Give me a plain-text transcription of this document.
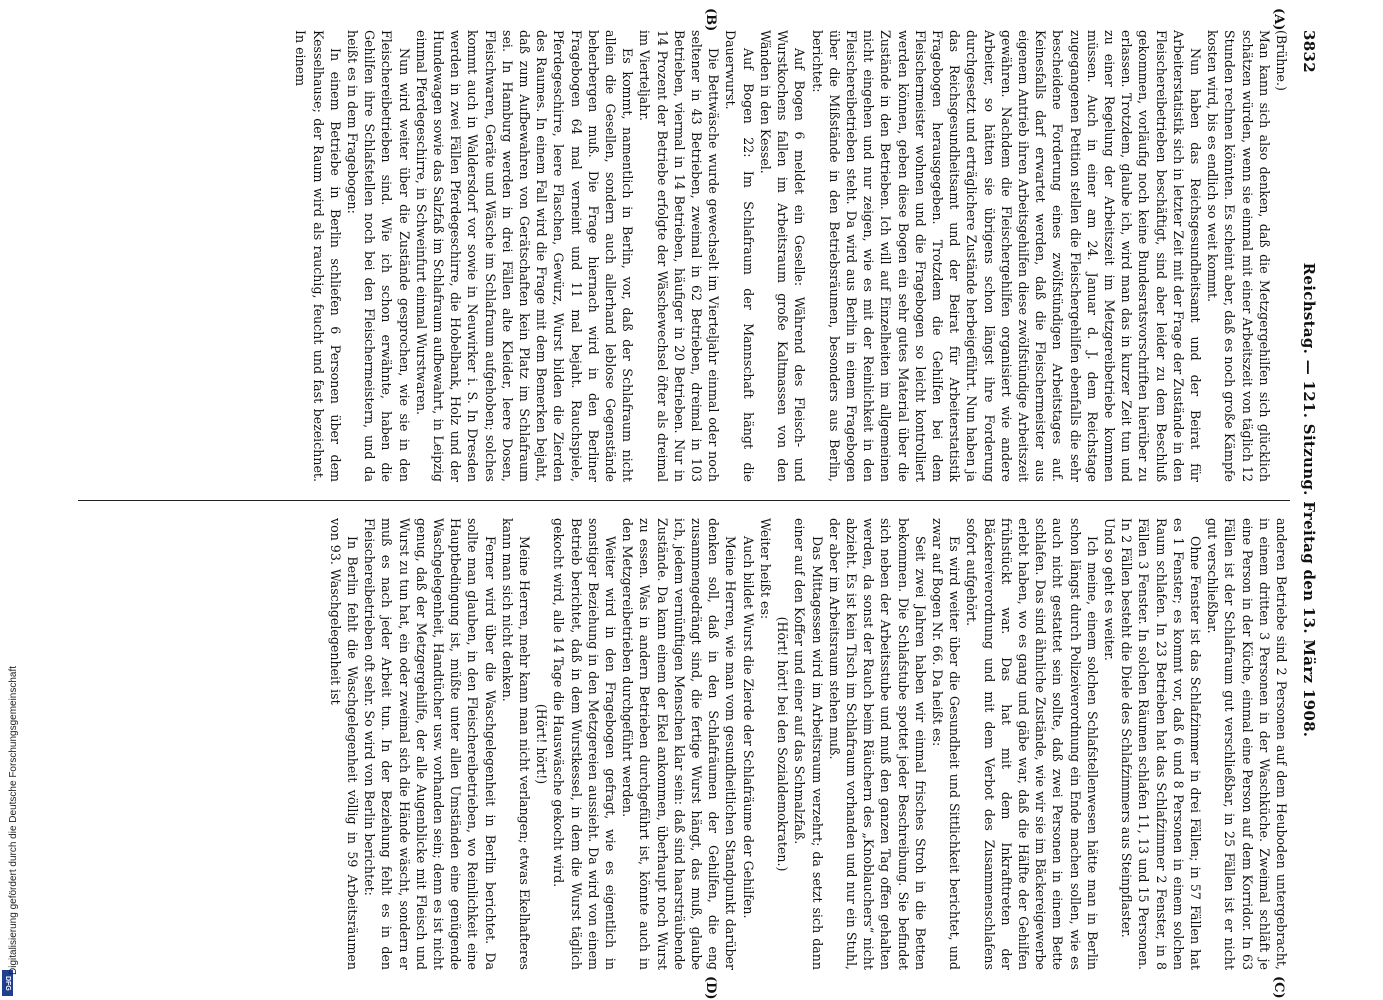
3832
Reichstag. — 121. Sitzung. Freitag den 13. März 1908.
(A)
(B)
(C)
(D)

(Brühne.)

Man kann sich also denken, daß die Metzgergehilfen sich glücklich schätzen würden, wenn sie einmal mit einer Arbeitszeit von täglich 12 Stunden rechnen könnten. Es scheint aber, daß es noch große Kämpfe kosten wird, bis es endlich so weit kommt.

Nun haben das Reichsgesundheitsamt und der Beirat für Arbeiterstatistik sich in letzter Zeit mit der Frage der Zustände in den Fleischereibetrieben beschäftigt, sind aber leider zu dem Beschluß gekommen, vorläufig noch keine Bundesratsvorschriften hierüber zu erlassen. Trotzdem, glaube ich, wird man das in kurzer Zeit tun und zu einer Regelung der Arbeitszeit im Metzgereibetriebe kommen müssen. Auch in einer am 24. Januar d. J. dem Reichstage zugegangenen Petition stellen die Fleischergehilfen ebenfalls die sehr bescheidene Forderung eines zwölfstündigen Arbeitstages auf. Keinesfalls darf erwartet werden, daß die Fleischermeister aus eigenem Antrieb ihren Arbeitsgehilfen diese zwölfstündige Arbeitszeit gewähren. Nachdem die Fleischergehilfen organisiert wie andere Arbeiter, so hätten sie übrigens schon längst ihre Forderung durchgesetzt und erträglichere Zustände herbeigeführt. Nun haben ja das Reichsgesundheitsamt und der Beirat für Arbeiterstatistik Fragebogen herausgegeben. Trotzdem die Gehilfen bei dem Fleischermeister wohnen und die Fragebogen so leicht kontrolliert werden können, geben diese Bogen ein sehr gutes Material über die Zustände in den Betrieben. Ich will auf Einzelheiten im allgemeinen nicht eingehen und nur zeigen, wie es mit der Reinlichkeit in den Fleischereibetrieben steht. Da wird aus Berlin in einem Fragebogen über die Mißstände in den Betriebsräumen, besonders aus Berlin, berichtet:

Auf Bogen 6 meldet ein Geselle: Während des Fleisch- und Wurstkochens fallen im Arbeitsraum große Kaltmassen von den Wänden in den Kessel.

Auf Bogen 22: Im Schlafraum der Mannschaft hängt die Dauerwurst.

Die Bettwäsche wurde gewechselt im Vierteljahr einmal oder noch seltener in 43 Betrieben, zweimal in 62 Betrieben, dreimal in 103 Betrieben, viermal in 14 Betrieben, häufiger in 20 Betrieben. Nur in 14 Prozent der Betriebe erfolgte der Wäschewechsel öfter als dreimal im Vierteljahr.

Es kommt, namentlich in Berlin, vor, daß der Schlafraum nicht allein die Gesellen, sondern auch allerhand leblose Gegenstände beherbergen muß. Die Frage hiernach wird in den Berliner Fragebogen 64 mal verneint und 11 mal bejaht. Rauchspiele, Pferdegeschirre, leere Flaschen, Gewürz, Wurst bilden die Zierden des Raumes. In einem Fall wird die Frage mit dem Bemerken bejaht, daß zum Aufbewahren von Gerätschaften kein Platz im Schlafraum sei. In Hamburg werden in drei Fällen alte Kleider, leere Dosen, Fleischwaren, Geräte und Wäsche im Schlafraum aufgehoben; solches kommt auch in Waldersdorf vor sowie in Neuwirker i. S. In Dresden werden in zwei Fällen Pferdegeschirre, die Hobelbank, Holz und der Hundewagen sowie das Salzfaß im Schlafraum aufbewahrt, in Leipzig einmal Pferdegeschirre, in Schweinfurt einmal Wurstwaren.

Nun wird weiter über die Zustände gesprochen, wie sie in den Fleischereibetrieben sind. Wie ich schon erwähnte, haben die Gehilfen ihre Schlafstellen noch bei den Fleischermeistern, und da heißt es in dem Fragebogen:

In einem Betriebe in Berlin schliefen 6 Personen über dem Kesselhause; der Raum wird als rauchig, feucht und fast bezeichnet. In einem

anderen Betriebe sind 2 Personen auf dem Heuboden untergebracht, in einem dritten 3 Personen in der Waschküche. Zweimal schläft je eine Person in der Küche, einmal eine Person auf dem Korridor. In 63 Fällen ist der Schlafraum gut verschließbar, in 25 Fällen ist er nicht gut verschließbar.

Ohne Fenster ist das Schlafzimmer in drei Fällen; in 57 Fällen hat es 1 Fenster; es kommt vor, daß 6 und 8 Personen in einem solchen Raum schlafen. In 23 Betrieben hat das Schlafzimmer 2 Fenster, in 8 Fällen 3 Fenster. In solchen Räumen schlafen 11, 13 und 15 Personen. In 2 Fällen besteht die Diele des Schlafzimmers aus Steinpflaster.

Und so geht es weiter.

Ich meine, einem solchen Schlafstellenwesen hätte man in Berlin schon längst durch Polizeiverordnung ein Ende machen sollen, wie es auch nicht gestattet sein sollte, daß zwei Personen in einem Bette schlafen. Das sind ähnliche Zustände, wie wir sie im Bäckereigewerbe erlebt haben, wo es gang und gäbe war, daß die Hälfte der Gehilfen frühstückt war. Das hat mit dem Inkrafttreten der Bäckereiverordnung und mit dem Verbot des Zusammenschlafens sofort aufgehört.

Es wird weiter über die Gesundheit und Sittlichkeit berichtet, und zwar auf Bogen Nr. 66. Da heißt es:

Seit zwei Jahren haben wir einmal frisches Stroh in die Betten bekommen. Die Schlafstube spottet jeder Beschreibung. Sie befindet sich neben der Arbeitsstube und muß den ganzen Tag offen gehalten werden, da sonst der Rauch beim Räuchern des „Knoblauchers“ nicht abzieht. Es ist kein Tisch im Schlafraum vorhanden und nur ein Stuhl, der aber im Arbeitsraum stehen muß.

Das Mittagessen wird im Arbeitsraum verzehrt; da setzt sich dann einer auf den Koffer und einer auf das Schmalzfaß.

(Hört! hört! bei den Sozialdemokraten.)

Weiter heißt es:

Auch bildet Wurst die Zierde der Schlafräume der Gehilfen.

Meine Herren, wie man vom gesundheitlichen Standpunkt darüber denken soll, daß in den Schlafräumen der Gehilfen, die eng zusammengedrängt sind, die fertige Wurst hängt, das muß, glaube ich, jedem vernünftigen Menschen klar sein: daß sind haarsträubende Zustände. Da kann einem der Ekel ankommen, überhaupt noch Wurst zu essen. Was in andern Betrieben durchgeführt ist, könnte auch in den Metzgereibetrieben durchgeführt werden.

Weiter wird in den Fragebogen gefragt, wie es eigentlich in sonstiger Beziehung in den Metzgereien aussieht. Da wird von einem Betrieb berichtet, daß in dem Wurstkessel, in dem die Wurst täglich gekocht wird, alle 14 Tage die Hauswäsche gekocht wird.

(Hört! hört!)

Meine Herren, mehr kann man nicht verlangen; etwas Ekelhafteres kann man sich nicht denken.

Ferner wird über die Waschgelegenheit in Berlin berichtet. Da sollte man glauben, in den Fleischereibetrieben, wo Reinlichkeit eine Hauptbedingung ist, müßte unter allen Umständen eine genügende Waschgelegenheit, Handtücher usw. vorhanden sein; denn es ist nicht genug, daß der Metzgergehilfe, der alle Augenblicke mit Fleisch und Wurst zu tun hat, ein oder zweimal sich die Hände wäscht, sondern er muß es nach jeder Arbeit tun. In der Beziehung fehlt es in den Fleischereibetrieben oft sehr. So wird von Berlin berichtet:

In Berlin fehlt die Waschgelegenheit völlig in 59 Arbeitsräumen von 93. Waschgelegenheit ist

DFG
Digitalisierung gefördert durch die Deutsche Forschungsgemeinschaft
